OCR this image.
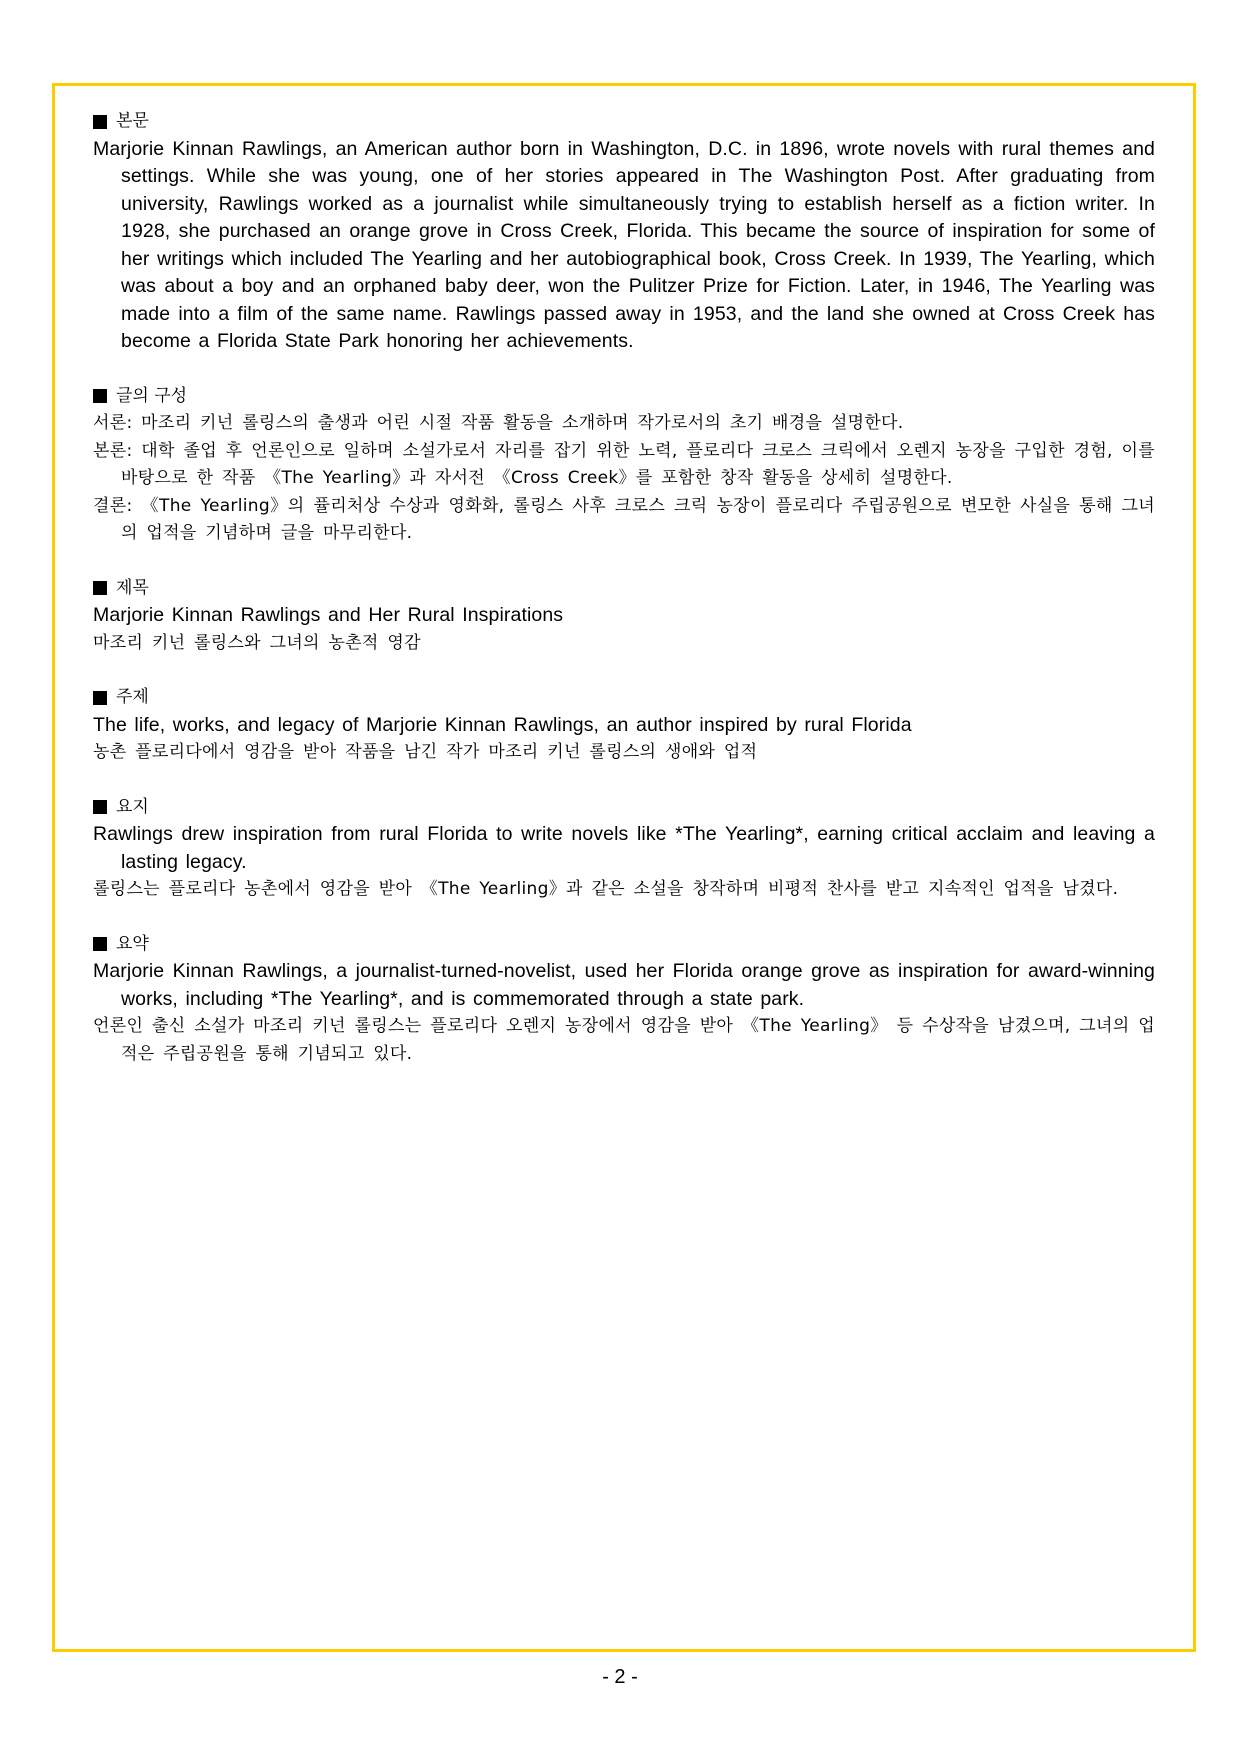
본문
Marjorie Kinnan Rawlings, an American author born in Washington, D.C. in 1896, wrote novels with rural themes and settings. While she was young, one of her stories appeared in The Washington Post. After graduating from university, Rawlings worked as a journalist while simultaneously trying to establish herself as a fiction writer. In 1928, she purchased an orange grove in Cross Creek, Florida. This became the source of inspiration for some of her writings which included The Yearling and her autobiographical book, Cross Creek. In 1939, The Yearling, which was about a boy and an orphaned baby deer, won the Pulitzer Prize for Fiction. Later, in 1946, The Yearling was made into a film of the same name. Rawlings passed away in 1953, and the land she owned at Cross Creek has become a Florida State Park honoring her achievements.
글의 구성
서론: 마조리 키넌 롤링스의 출생과 어린 시절 작품 활동을 소개하며 작가로서의 초기 배경을 설명한다.
본론: 대학 졸업 후 언론인으로 일하며 소설가로서 자리를 잡기 위한 노력, 플로리다 크로스 크릭에서 오렌지 농장을 구입한 경험, 이를 바탕으로 한 작품 《The Yearling》과 자서전 《Cross Creek》를 포함한 창작 활동을 상세히 설명한다.
결론: 《The Yearling》의 퓰리처상 수상과 영화화, 롤링스 사후 크로스 크릭 농장이 플로리다 주립공원으로 변모한 사실을 통해 그녀의 업적을 기념하며 글을 마무리한다.
제목
Marjorie Kinnan Rawlings and Her Rural Inspirations
마조리 키넌 롤링스와 그녀의 농촌적 영감
주제
The life, works, and legacy of Marjorie Kinnan Rawlings, an author inspired by rural Florida
농촌 플로리다에서 영감을 받아 작품을 남긴 작가 마조리 키넌 롤링스의 생애와 업적
요지
Rawlings drew inspiration from rural Florida to write novels like *The Yearling*, earning critical acclaim and leaving a lasting legacy.
롤링스는 플로리다 농촌에서 영감을 받아 《The Yearling》과 같은 소설을 창작하며 비평적 찬사를 받고 지속적인 업적을 남겼다.
요약
Marjorie Kinnan Rawlings, a journalist-turned-novelist, used her Florida orange grove as inspiration for award-winning works, including *The Yearling*, and is commemorated through a state park.
언론인 출신 소설가 마조리 키넌 롤링스는 플로리다 오렌지 농장에서 영감을 받아 《The Yearling》 등 수상작을 남겼으며, 그녀의 업적은 주립공원을 통해 기념되고 있다.
- 2 -
